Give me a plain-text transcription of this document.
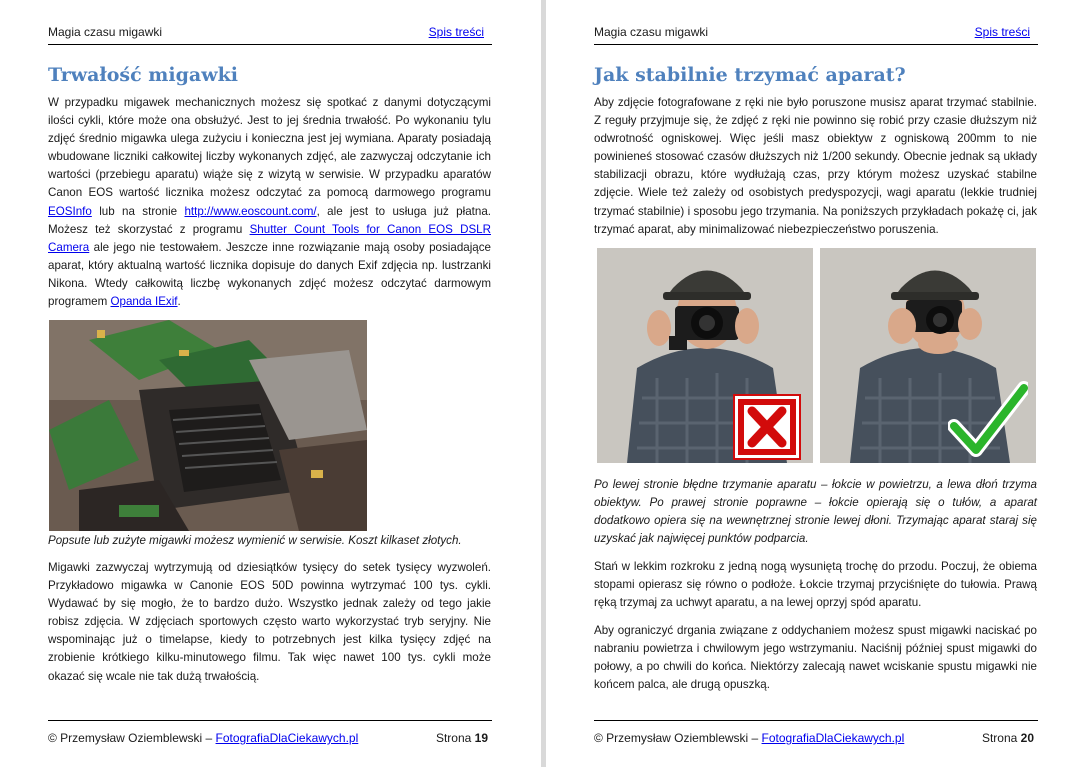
Magia czasu migawki	Spis treści
Trwałość migawki

W przypadku migawek mechanicznych możesz się spotkać z danymi dotyczącymi ilości cykli, które może ona obsłużyć. Jest to jej średnia trwałość. Po wykonaniu tylu zdjęć średnio migawka ulega zużyciu i konieczna jest jej wymiana. Aparaty posiadają wbudowane liczniki całkowitej liczby wykonanych zdjęć, ale zazwyczaj odczytanie ich wartości (przebiegu aparatu) wiąże się z wizytą w serwisie. W przypadku aparatów Canon EOS wartość licznika możesz odczytać za pomocą darmowego programu EOSInfo lub na stronie http://www.eoscount.com/, ale jest to usługa już płatna. Możesz też skorzystać z programu Shutter Count Tools for Canon EOS DSLR Camera ale jego nie testowałem. Jeszcze inne rozwiązanie mają osoby posiadające aparat, który aktualną wartość licznika dopisuje do danych Exif zdjęcia np. lustrzanki Nikona. Wtedy całkowitą liczbę wykonanych zdjęć możesz odczytać darmowym programem Opanda IExif.

Popsute lub zużyte migawki możesz wymienić w serwisie. Koszt kilkaset złotych.

Migawki zazwyczaj wytrzymują od dziesiątków tysięcy do setek tysięcy wyzwoleń. Przykładowo migawka w Canonie EOS 50D powinna wytrzymać 100 tys. cykli. Wydawać by się mogło, że to bardzo dużo. Wszystko jednak zależy od tego jakie robisz zdjęcia. W zdjęciach sportowych często warto wykorzystać tryb seryjny. Nie wspominając już o timelapse, kiedy to potrzebnych jest kilka tysięcy zdjęć na zrobienie krótkiego kilku-minutowego filmu. Tak więc nawet 100 tys. cykli może okazać się wcale nie tak dużą trwałością.

© Przemysław Oziemblewski – FotografiaDlaCiekawych.pl	Strona 19
Magia czasu migawki	Spis treści
Jak stabilnie trzymać aparat?

Aby zdjęcie fotografowane z ręki nie było poruszone musisz aparat trzymać stabilnie. Z reguły przyjmuje się, że zdjęć z ręki nie powinno się robić przy czasie dłuższym niż odwrotność ogniskowej. Więc jeśli masz obiektyw z ogniskową 200mm to nie powinieneś stosować czasów dłuższych niż 1/200 sekundy. Obecnie jednak są układy stabilizacji obrazu, które wydłużają czas, przy którym możesz uzyskać stabilne zdjęcie. Wiele też zależy od osobistych predyspozycji, wagi aparatu (lekkie trudniej trzymać stabilnie) i sposobu jego trzymania. Na poniższych przykładach pokażę ci, jak trzymać aparat, aby minimalizować niebezpieczeństwo poruszenia.

Po lewej stronie błędne trzymanie aparatu – łokcie w powietrzu, a lewa dłoń trzyma obiektyw. Po prawej stronie poprawne – łokcie opierają się o tułów, a aparat dodatkowo opiera się na wewnętrznej stronie lewej dłoni. Trzymając aparat staraj się uzyskać jak najwięcej punktów podparcia.

Stań w lekkim rozkroku z jedną nogą wysuniętą trochę do przodu. Poczuj, że obiema stopami opierasz się równo o podłoże. Łokcie trzymaj przyciśnięte do tułowia. Prawą ręką trzymaj za uchwyt aparatu, a na lewej oprzyj spód aparatu.

Aby ograniczyć drgania związane z oddychaniem możesz spust migawki naciskać po nabraniu powietrza i chwilowym jego wstrzymaniu. Naciśnij później spust migawki do połowy, a po chwili do końca. Niektórzy zalecają nawet wciskanie spustu migawki nie końcem palca, ale drugą opuszką.

© Przemysław Oziemblewski – FotografiaDlaCiekawych.pl	Strona 20
